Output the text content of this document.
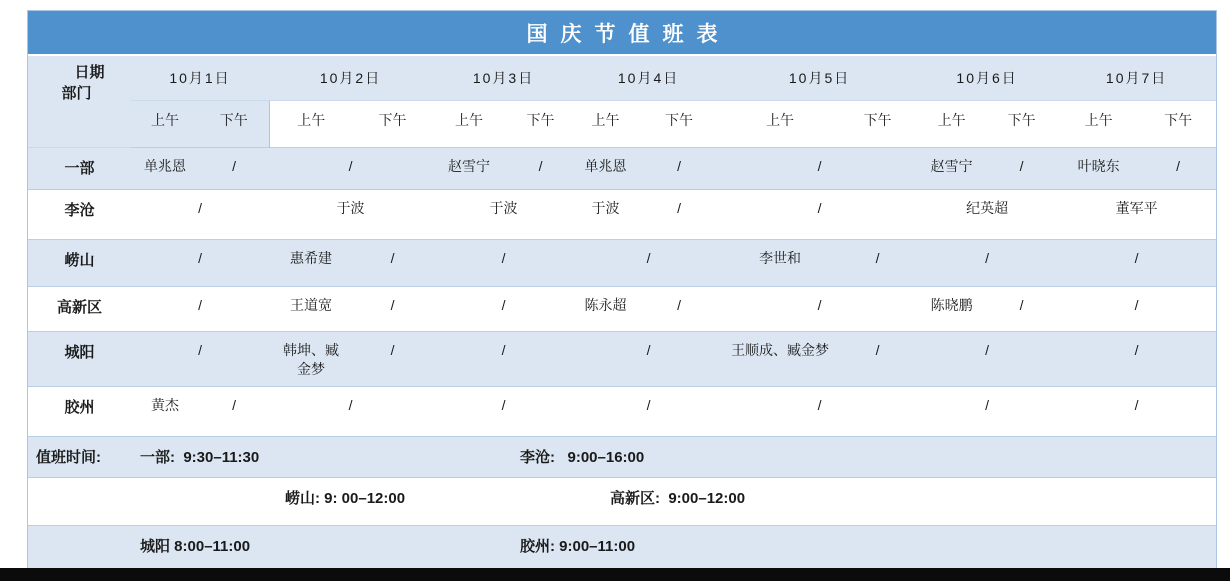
国庆节值班表
日期
部门	10月1日		10月2日		10月3日		10月4日		10月5日		10月6日		10月7日	
	上午	下午	上午	下午	上午	下午	上午	下午	上午	下午	上午	下午	上午	下午
一部	单兆恩	/	/		赵雪宁	/	单兆恩	/	/		赵雪宁	/	叶晓东	/
李沧	/		于波		于波		于波	/	/		纪英超		董军平	
崂山	/		惠希建	/	/		/		李世和	/	/		/	
高新区	/		王道宽	/	/		陈永超	/	/		陈晓鹏	/	/	
城阳	/		韩坤、臧金梦	/	/		/		王顺成、臧金梦	/	/		/	
胶州	黄杰	/	/		/		/		/		/		/	
值班时间:	一部:  9:30–11:30	李沧:   9:00–16:00
崂山: 9: 00–12:00	高新区:  9:00–12:00
城阳 8:00–11:00	胶州: 9:00–11:00
